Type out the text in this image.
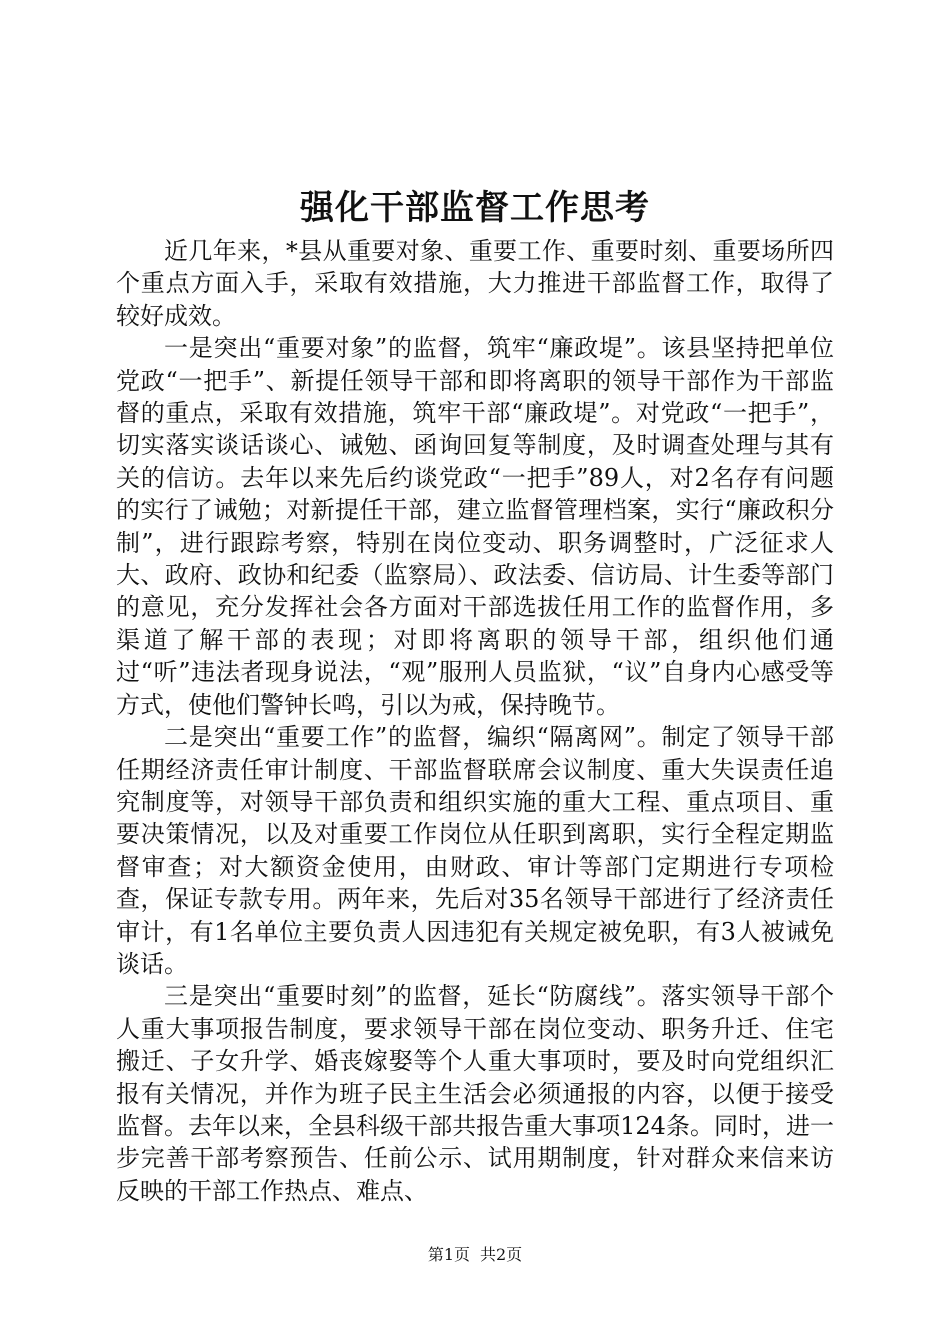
强化干部监督工作思考

近几年来，*县从重要对象、重要工作、重要时刻、重要场所四个重点方面入手，采取有效措施，大力推进干部监督工作，取得了较好成效。

一是突出“重要对象”的监督，筑牢“廉政堤”。该县坚持把单位党政“一把手”、新提任领导干部和即将离职的领导干部作为干部监督的重点，采取有效措施，筑牢干部“廉政堤”。对党政“一把手”，切实落实谈话谈心、诫勉、函询回复等制度，及时调查处理与其有关的信访。去年以来先后约谈党政“一把手”89人，对2名存有问题的实行了诫勉；对新提任干部，建立监督管理档案，实行“廉政积分制”，进行跟踪考察，特别在岗位变动、职务调整时，广泛征求人大、政府、政协和纪委（监察局）、政法委、信访局、计生委等部门的意见，充分发挥社会各方面对干部选拔任用工作的监督作用，多渠道了解干部的表现；对即将离职的领导干部，组织他们通过“听”违法者现身说法，“观”服刑人员监狱，“议”自身内心感受等方式，使他们警钟长鸣，引以为戒，保持晚节。

二是突出“重要工作”的监督，编织“隔离网”。制定了领导干部任期经济责任审计制度、干部监督联席会议制度、重大失误责任追究制度等，对领导干部负责和组织实施的重大工程、重点项目、重要决策情况，以及对重要工作岗位从任职到离职，实行全程定期监督审查；对大额资金使用，由财政、审计等部门定期进行专项检查，保证专款专用。两年来，先后对35名领导干部进行了经济责任审计，有1名单位主要负责人因违犯有关规定被免职，有3人被诫免谈话。

三是突出“重要时刻”的监督，延长“防腐线”。落实领导干部个人重大事项报告制度，要求领导干部在岗位变动、职务升迁、住宅搬迁、子女升学、婚丧嫁娶等个人重大事项时，要及时向党组织汇报有关情况，并作为班子民主生活会必须通报的内容，以便于接受监督。去年以来，全县科级干部共报告重大事项124条。同时，进一步完善干部考察预告、任前公示、试用期制度，针对群众来信来访反映的干部工作热点、难点、

第1页 共2页
